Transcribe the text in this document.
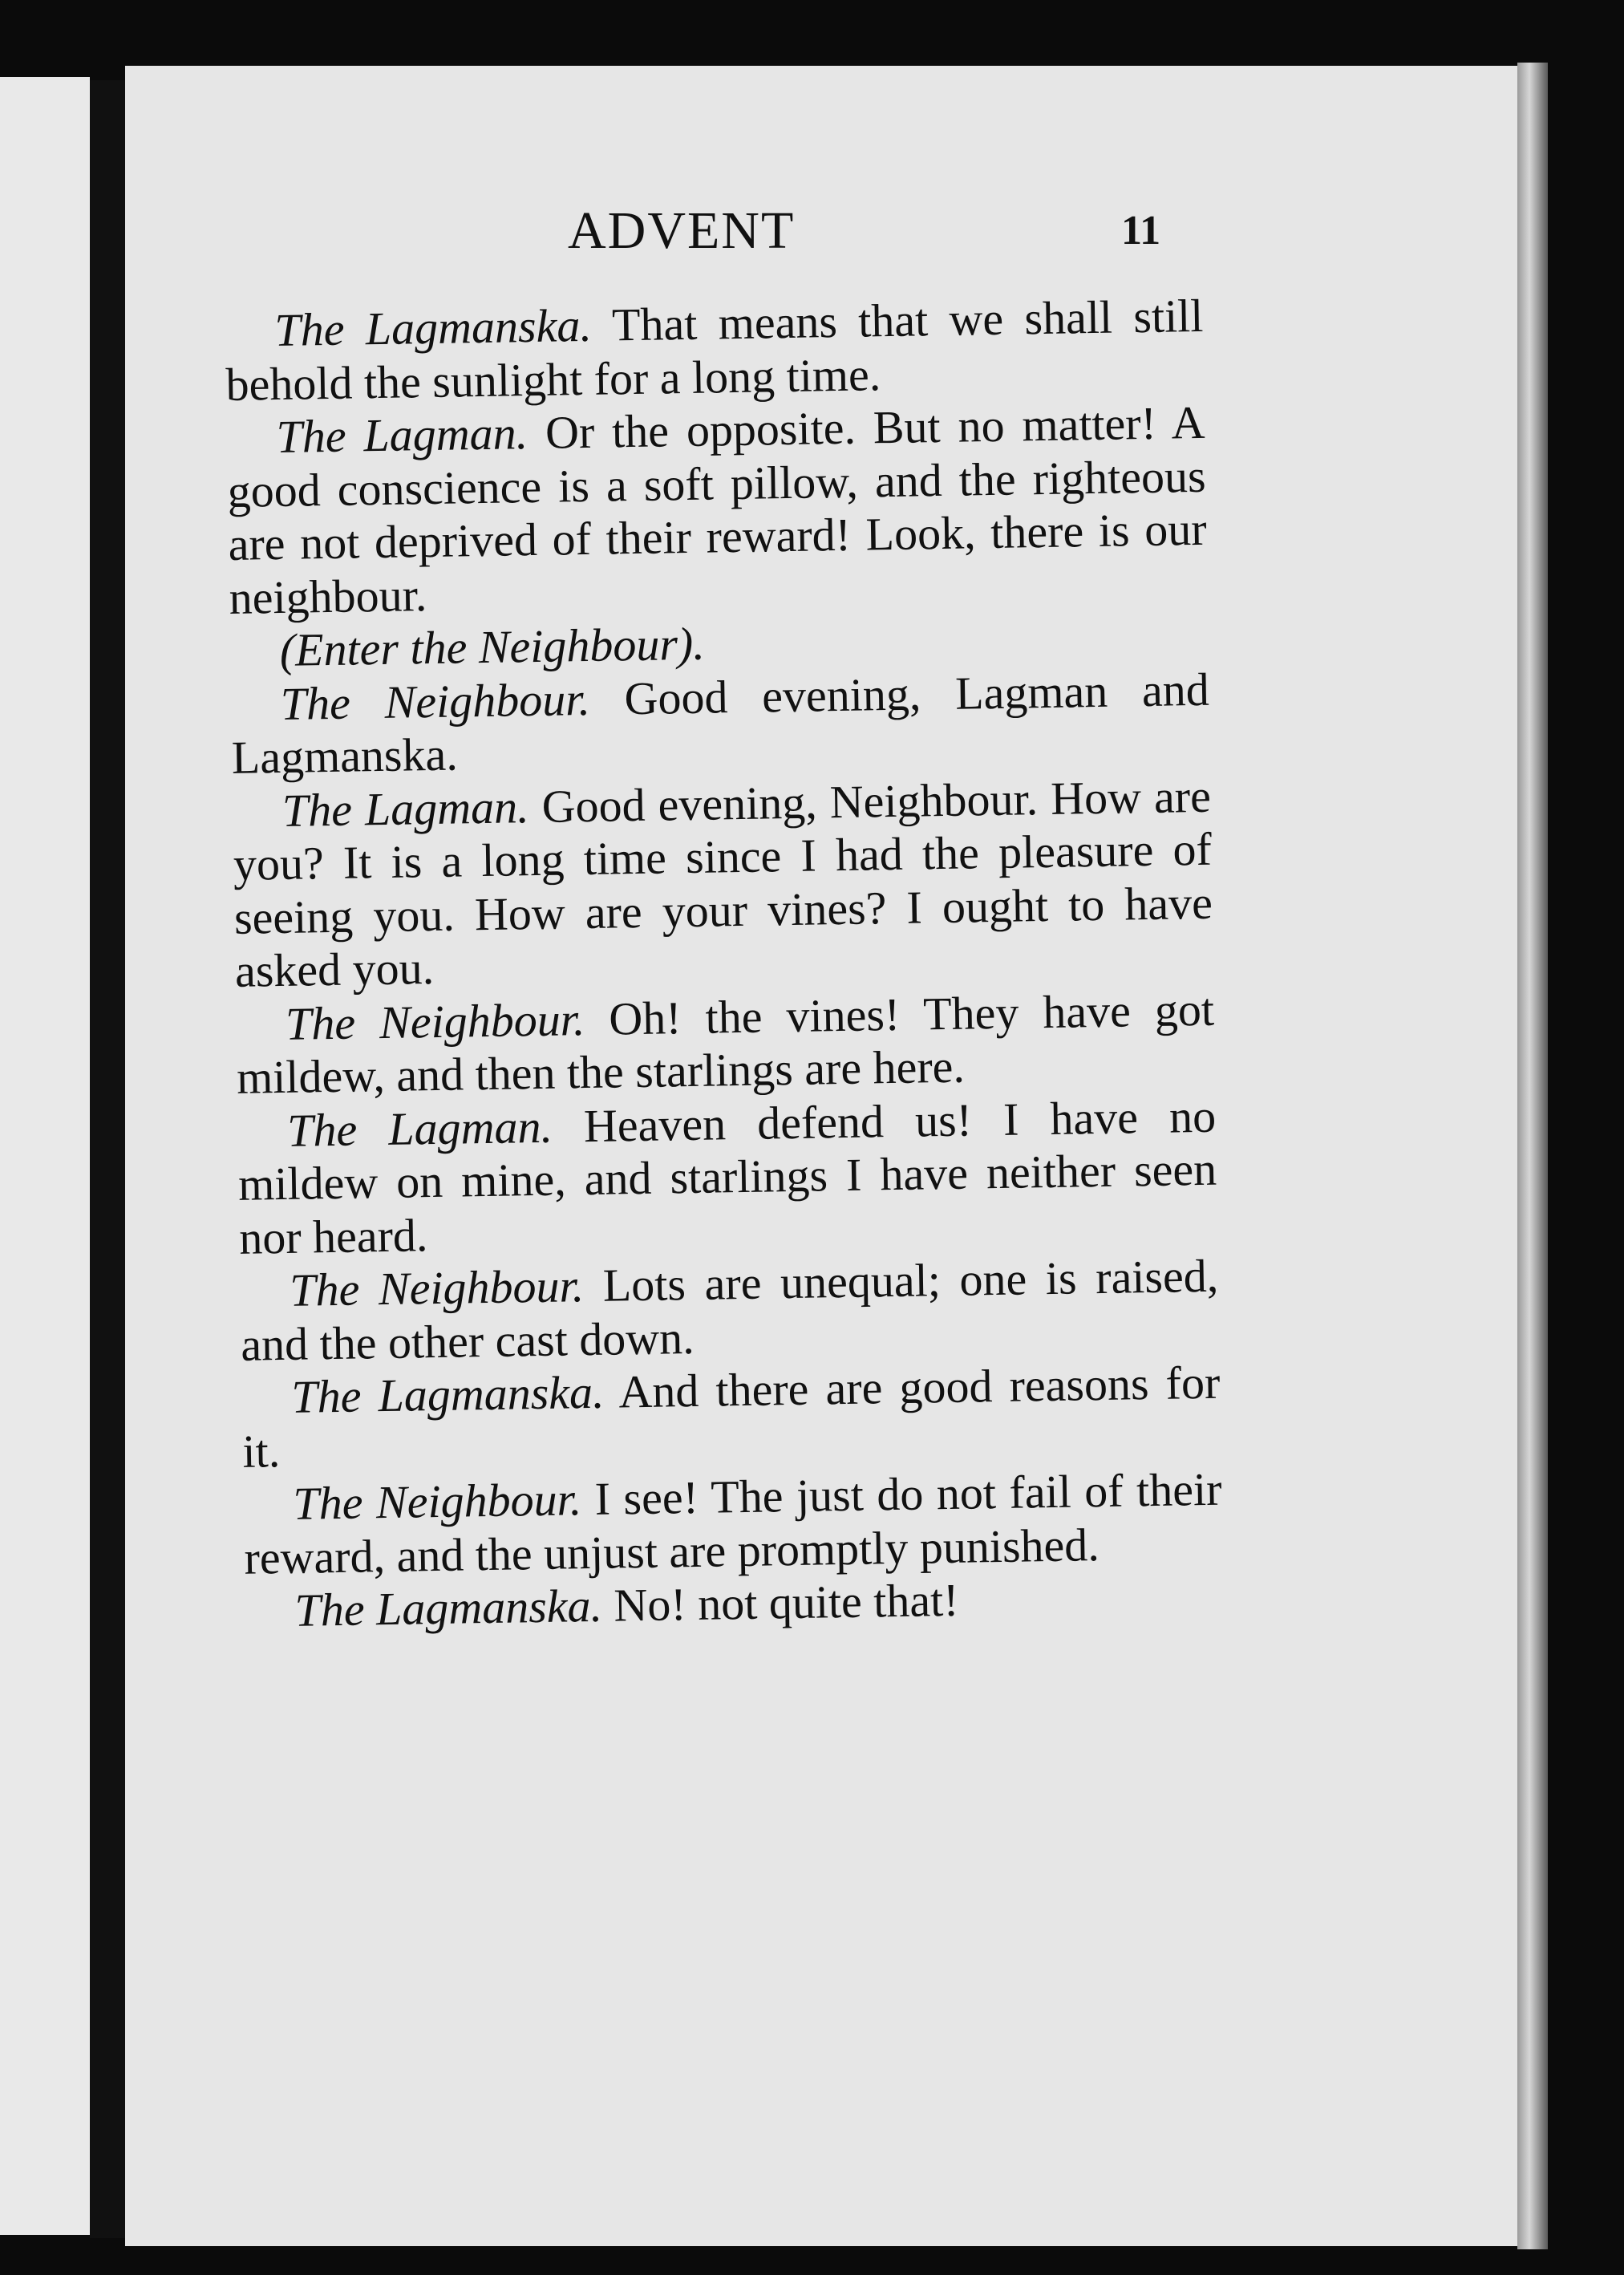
ADVENT	11

The Lagmanska. That means that we shall still behold the sunlight for a long time.

The Lagman. Or the opposite. But no matter! A good conscience is a soft pillow, and the righteous are not deprived of their reward! Look, there is our neighbour.

(Enter the Neighbour).

The Neighbour. Good evening, Lagman and Lagmanska.

The Lagman. Good evening, Neighbour. How are you? It is a long time since I had the pleasure of seeing you. How are your vines? I ought to have asked you.

The Neighbour. Oh! the vines! They have got mildew, and then the starlings are here.

The Lagman. Heaven defend us! I have no mildew on mine, and starlings I have neither seen nor heard.

The Neighbour. Lots are unequal; one is raised, and the other cast down.

The Lagmanska. And there are good reasons for it.

The Neighbour. I see! The just do not fail of their reward, and the unjust are promptly punished.

The Lagmanska. No! not quite that!
